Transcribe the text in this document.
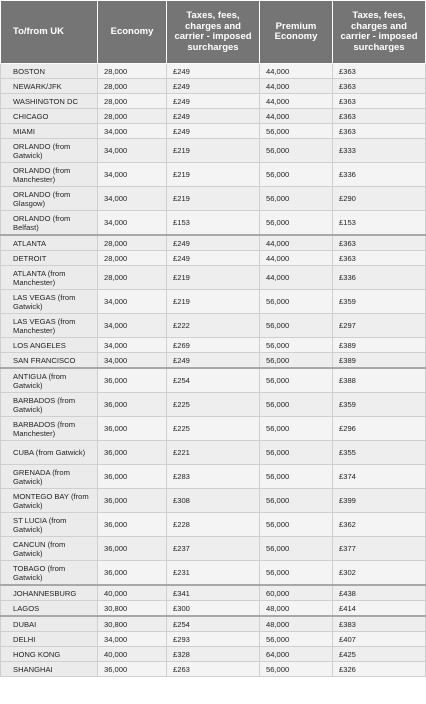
To/from UK	Economy	Taxes, fees, charges and carrier - imposed surcharges	Premium Economy	Taxes, fees, charges and carrier - imposed surcharges
BOSTON	28,000	£249	44,000	£363
NEWARK/JFK	28,000	£249	44,000	£363
WASHINGTON DC	28,000	£249	44,000	£363
CHICAGO	28,000	£249	44,000	£363
MIAMI	34,000	£249	56,000	£363
ORLANDO (from Gatwick)	34,000	£219	56,000	£333
ORLANDO (from Manchester)	34,000	£219	56,000	£336
ORLANDO (from Glasgow)	34,000	£219	56,000	£290
ORLANDO (from Belfast)	34,000	£153	56,000	£153
ATLANTA	28,000	£249	44,000	£363
DETROIT	28,000	£249	44,000	£363
ATLANTA (from Manchester)	28,000	£219	44,000	£336
LAS VEGAS (from Gatwick)	34,000	£219	56,000	£359
LAS VEGAS (from Manchester)	34,000	£222	56,000	£297
LOS ANGELES	34,000	£269	56,000	£389
SAN FRANCISCO	34,000	£249	56,000	£389
ANTIGUA (from Gatwick)	36,000	£254	56,000	£388
BARBADOS (from Gatwick)	36,000	£225	56,000	£359
BARBADOS (from Manchester)	36,000	£225	56,000	£296
CUBA (from Gatwick)	36,000	£221	56,000	£355
GRENADA (from Gatwick)	36,000	£283	56,000	£374
MONTEGO BAY (from Gatwick)	36,000	£308	56,000	£399
ST LUCIA (from Gatwick)	36,000	£228	56,000	£362
CANCUN (from Gatwick)	36,000	£237	56,000	£377
TOBAGO (from Gatwick)	36,000	£231	56,000	£302
JOHANNESBURG	40,000	£341	60,000	£438
LAGOS	30,800	£300	48,000	£414
DUBAI	30,800	£254	48,000	£383
DELHI	34,000	£293	56,000	£407
HONG KONG	40,000	£328	64,000	£425
SHANGHAI	36,000	£263	56,000	£326
